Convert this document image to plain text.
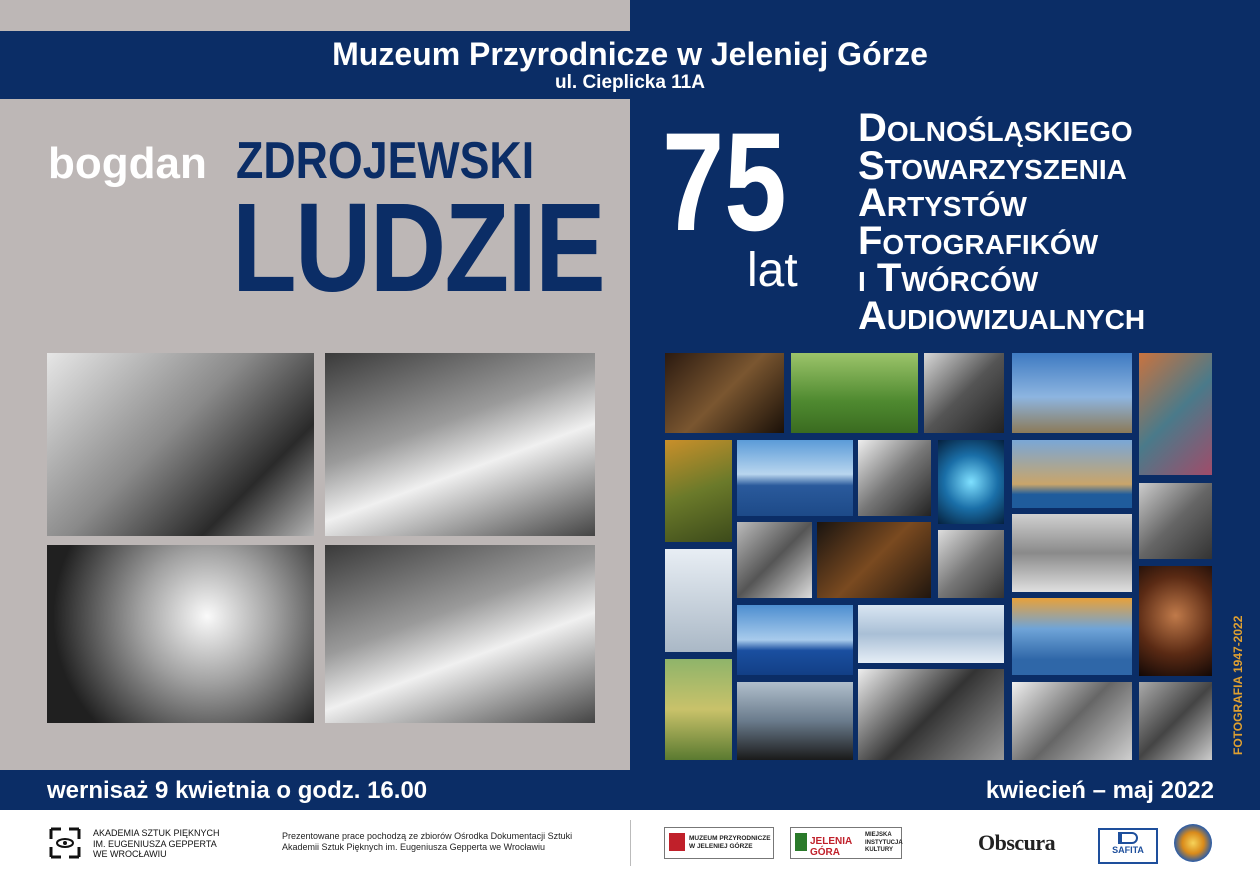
Muzeum Przyrodnicze w Jeleniej Górze
ul. Cieplicka 11A
bogdan ZDROJEWSKI
LUDZIE 75
lat
Dolnośląskiego
Stowarzyszenia
Artystów
Fotografików
i Twórców
Audiowizualnych
FOTOGRAFIA 1947-2022
wernisaż 9 kwietnia o godz. 16.00	kwiecień – maj 2022
AKADEMIA SZTUK PIĘKNYCH
IM. EUGENIUSZA GEPPERTA
WE WROCŁAWIU
Prezentowane prace pochodzą ze zbiorów Ośrodka Dokumentacji Sztuki Akademii Sztuk Pięknych im. Eugeniusza Gepperta we Wrocławiu
MUZEUM PRZYRODNICZE
W JELENIEJ GÓRZE	JELENIA GÓRA
MIEJSKA
INSTYTUCJA
KULTURY	Obscura	SAFITA
